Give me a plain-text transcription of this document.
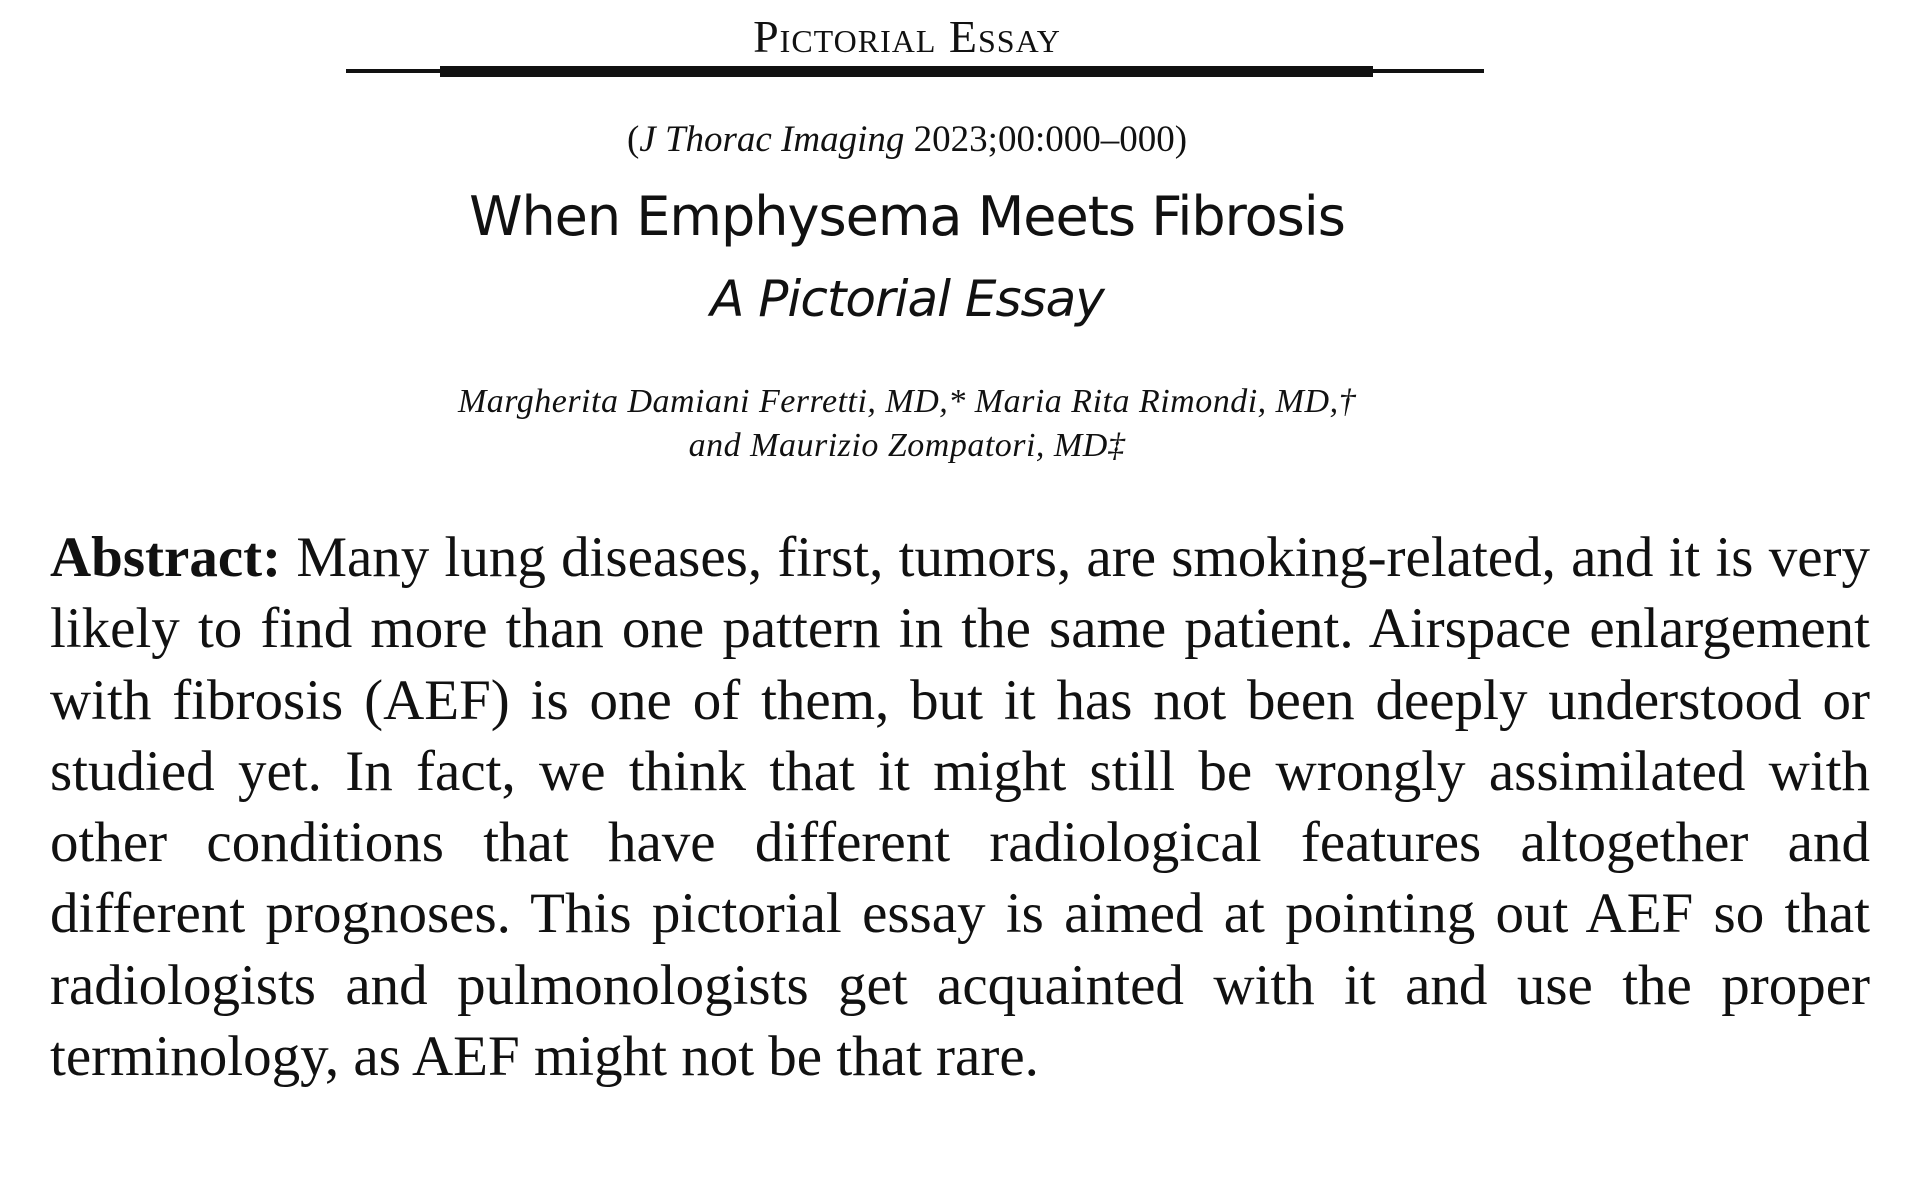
Pictorial Essay
(J Thorac Imaging 2023;00:000–000)
When Emphysema Meets Fibrosis
A Pictorial Essay
Margherita Damiani Ferretti, MD,* Maria Rita Rimondi, MD,†
and Maurizio Zompatori, MD‡
Abstract: Many lung diseases, first, tumors, are smoking-related, and it is very likely to find more than one pattern in the same patient. Airspace enlargement with fibrosis (AEF) is one of them, but it has not been deeply understood or studied yet. In fact, we think that it might still be wrongly assimilated with other conditions that have different radiological features altogether and different prognoses. This pictorial essay is aimed at pointing out AEF so that radiologists and pulmonologists get acquainted with it and use the proper terminology, as AEF might not be that rare.
